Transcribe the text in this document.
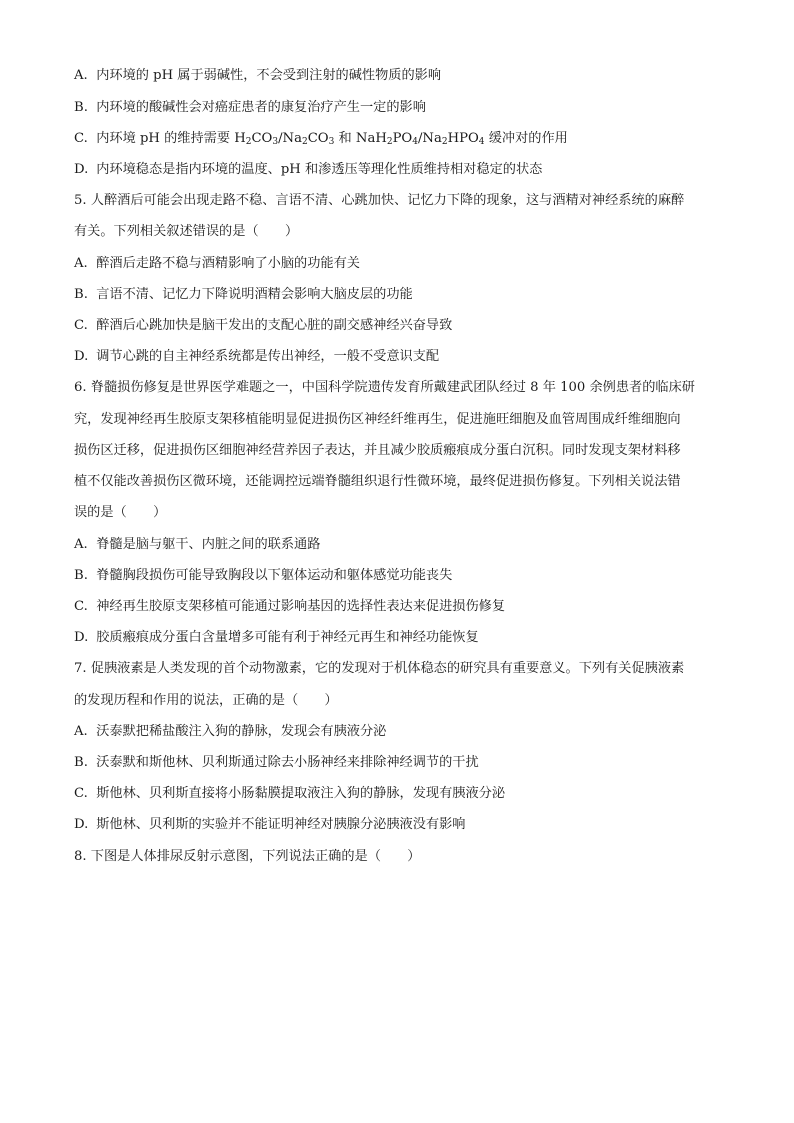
A. 内环境的 pH 属于弱碱性，不会受到注射的碱性物质的影响
B. 内环境的酸碱性会对癌症患者的康复治疗产生一定的影响
C. 内环境 pH 的维持需要 $H_2CO_3/Na_2CO_3$ 和 $NaH_2PO_4/Na_2HPO_4$ 缓冲对的作用
D. 内环境稳态是指内环境的温度、pH 和渗透压等理化性质维持相对稳定的状态
5. 人醉酒后可能会出现走路不稳、言语不清、心跳加快、记忆力下降的现象，这与酒精对神经系统的麻醉
有关。下列相关叙述错误的是（　　）
A. 醉酒后走路不稳与酒精影响了小脑的功能有关
B. 言语不清、记忆力下降说明酒精会影响大脑皮层的功能
C. 醉酒后心跳加快是脑干发出的支配心脏的副交感神经兴奋导致
D. 调节心跳的自主神经系统都是传出神经，一般不受意识支配
6. 脊髓损伤修复是世界医学难题之一，中国科学院遗传发育所戴建武团队经过 8 年 100 余例患者的临床研
究，发现神经再生胶原支架移植能明显促进损伤区神经纤维再生，促进施旺细胞及血管周围成纤维细胞向
损伤区迁移，促进损伤区细胞神经营养因子表达，并且减少胶质瘢痕成分蛋白沉积。同时发现支架材料移
植不仅能改善损伤区微环境，还能调控远端脊髓组织退行性微环境，最终促进损伤修复。下列相关说法错
误的是（　　）
A. 脊髓是脑与躯干、内脏之间的联系通路
B. 脊髓胸段损伤可能导致胸段以下躯体运动和躯体感觉功能丧失
C. 神经再生胶原支架移植可能通过影响基因的选择性表达来促进损伤修复
D. 胶质瘢痕成分蛋白含量增多可能有利于神经元再生和神经功能恢复
7. 促胰液素是人类发现的首个动物激素，它的发现对于机体稳态的研究具有重要意义。下列有关促胰液素
的发现历程和作用的说法，正确的是（　　）
A. 沃泰默把稀盐酸注入狗的静脉，发现会有胰液分泌
B. 沃泰默和斯他林、贝利斯通过除去小肠神经来排除神经调节的干扰
C. 斯他林、贝利斯直接将小肠黏膜提取液注入狗的静脉，发现有胰液分泌
D. 斯他林、贝利斯的实验并不能证明神经对胰腺分泌胰液没有影响
8. 下图是人体排尿反射示意图，下列说法正确的是（　　）
